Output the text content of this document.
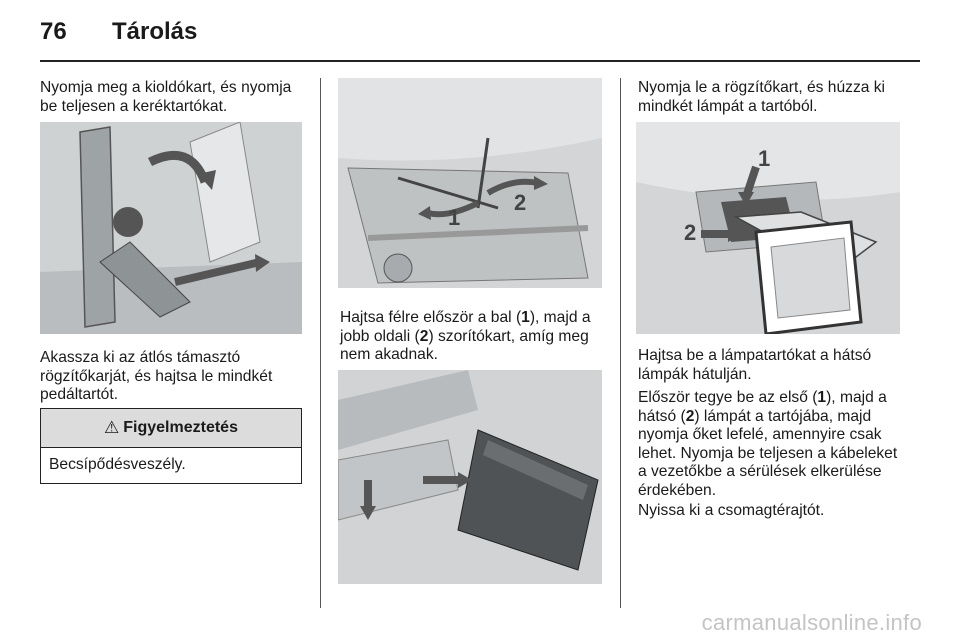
76 Tárolás

Nyomja meg a kioldókart, és nyomja be teljesen a keréktartókat.

Akassza ki az átlós támasztó rögzítőkarját, és hajtsa le mindkét pedáltartót.

⚠ Figyelmeztetés
Becsípődésveszély.
1
2

Hajtsa félre először a bal (1), majd a jobb oldali (2) szorítókart, amíg meg nem akadnak.

Nyomja le a rögzítőkart, és húzza ki mindkét lámpát a tartóból.

1
2

Hajtsa be a lámpatartókat a hátsó lámpák hátulján.

Először tegye be az első (1), majd a hátsó (2) lámpát a tartójába, majd nyomja őket lefelé, amennyire csak lehet. Nyomja be teljesen a kábeleket a vezetőkbe a sérülések elkerülése érdekében.

Nyissa ki a csomagtérajtót.

carmanualsonline.info
